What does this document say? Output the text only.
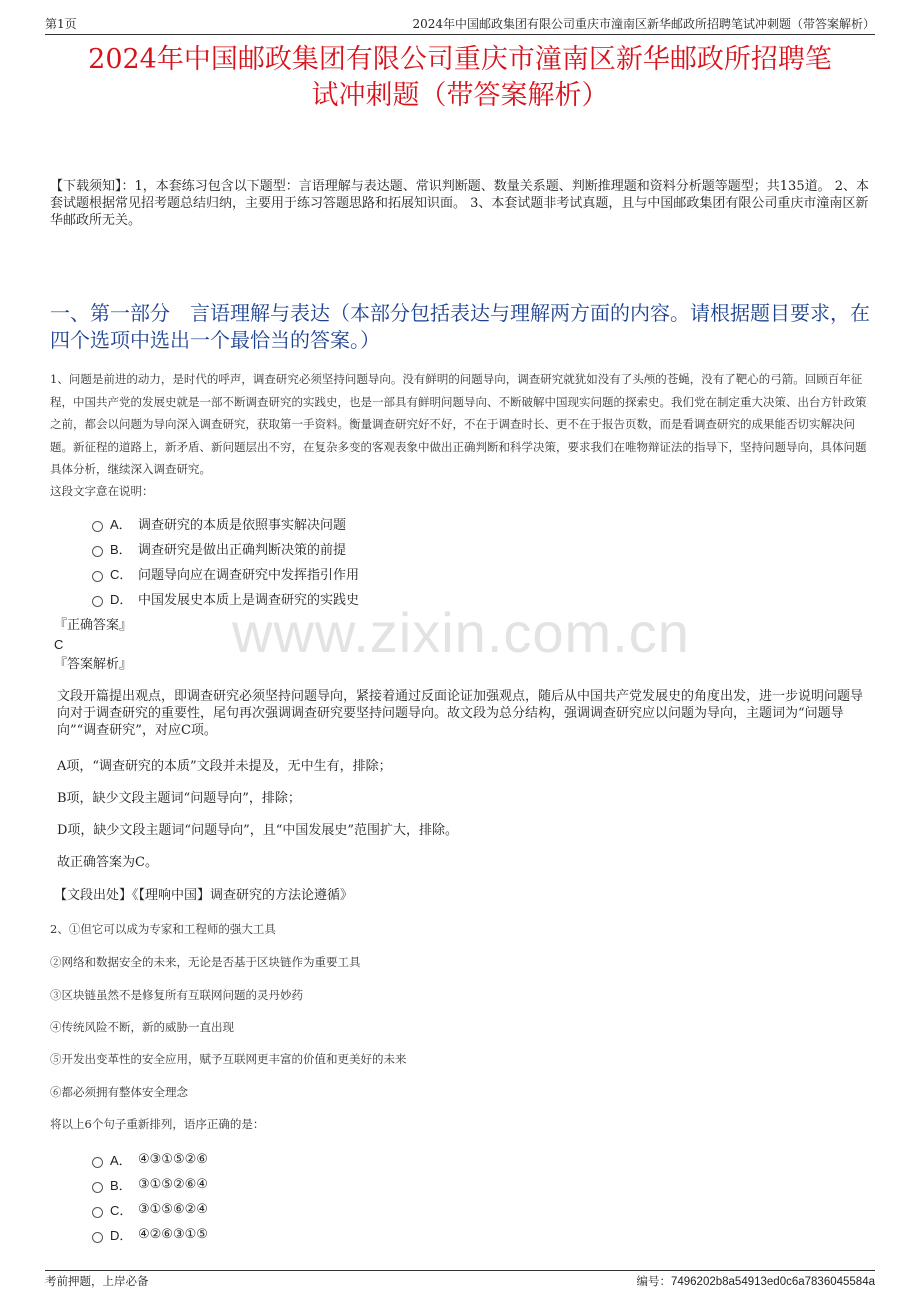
第1页	2024年中国邮政集团有限公司重庆市潼南区新华邮政所招聘笔试冲刺题（带答案解析）
2024年中国邮政集团有限公司重庆市潼南区新华邮政所招聘笔
试冲刺题（带答案解析）
【下载须知】：1，本套练习包含以下题型：言语理解与表达题、常识判断题、数量关系题、判断推理题和资料分析题等题型；共135道。 2、本套试题根据常见招考题总结归纳，主要用于练习答题思路和拓展知识面。 3、本套试题非考试真题，且与中国邮政集团有限公司重庆市潼南区新华邮政所无关。
一、第一部分　言语理解与表达（本部分包括表达与理解两方面的内容。请根据题目要求，在四个选项中选出一个最恰当的答案。）
1、问题是前进的动力，是时代的呼声，调查研究必须坚持问题导向。没有鲜明的问题导向，调查研究就犹如没有了头颅的苍蝇，没有了靶心的弓箭。回顾百年征程，中国共产党的发展史就是一部不断调查研究的实践史，也是一部具有鲜明问题导向、不断破解中国现实问题的探索史。我们党在制定重大决策、出台方针政策之前，都会以问题为导向深入调查研究，获取第一手资料。衡量调查研究好不好，不在于调查时长、更不在于报告页数，而是看调查研究的成果能否切实解决问题。新征程的道路上，新矛盾、新问题层出不穷，在复杂多变的客观表象中做出正确判断和科学决策，要求我们在唯物辩证法的指导下，坚持问题导向，具体问题具体分析，继续深入调查研究。
这段文字意在说明：
A． 调查研究的本质是依照事实解决问题
B． 调查研究是做出正确判断决策的前提
C． 问题导向应在调查研究中发挥指引作用
D． 中国发展史本质上是调查研究的实践史
『正确答案』
C
『答案解析』
www.zixin.com.cn
文段开篇提出观点，即调查研究必须坚持问题导向，紧接着通过反面论证加强观点，随后从中国共产党发展史的角度出发，进一步说明问题导向对于调查研究的重要性，尾句再次强调调查研究要坚持问题导向。故文段为总分结构，强调调查研究应以问题为导向，主题词为“问题导向”“调查研究”，对应C项。
A项，“调查研究的本质”文段并未提及，无中生有，排除；
B项，缺少文段主题词“问题导向”，排除；
D项，缺少文段主题词“问题导向”，且“中国发展史”范围扩大，排除。
故正确答案为C。
【文段出处】《【理响中国】调查研究的方法论遵循》
2、①但它可以成为专家和工程师的强大工具
②网络和数据安全的未来，无论是否基于区块链作为重要工具
③区块链虽然不是修复所有互联网问题的灵丹妙药
④传统风险不断，新的威胁一直出现
⑤开发出变革性的安全应用，赋予互联网更丰富的价值和更美好的未来
⑥都必须拥有整体安全理念
将以上6个句子重新排列，语序正确的是：
A． ④③①⑤②⑥
B． ③①⑤②⑥④
C． ③①⑤⑥②④
D． ④②⑥③①⑤
考前押题，上岸必备	编号：7496202b8a54913ed0c6a7836045584a
